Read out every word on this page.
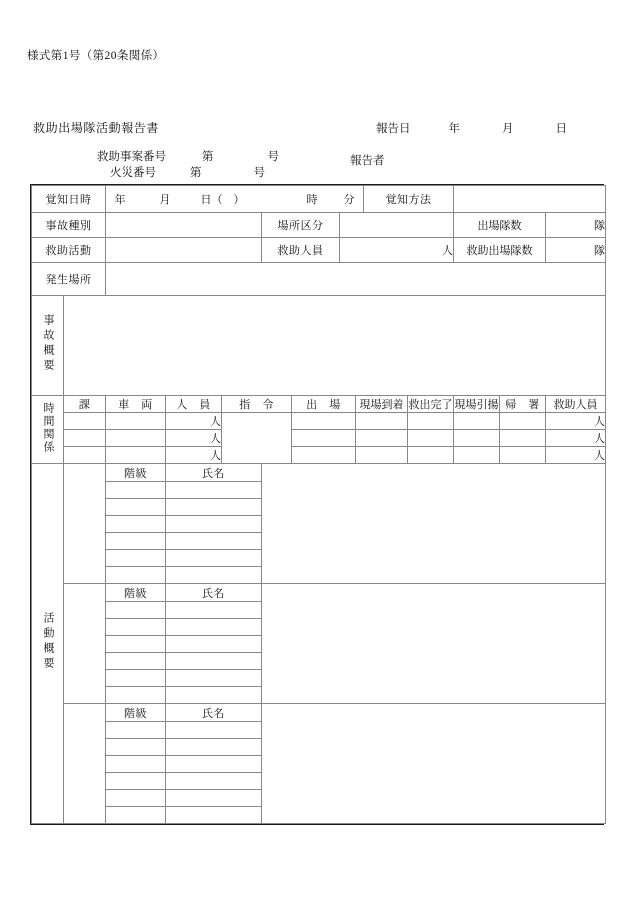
様式第1号（第20条関係）
救助出場隊活動報告書	報告日	年	月	日
救助事案番号	第	号
火災番号	第	号
報告者
覚知日時		年 月 日（　） 時 分							覚知方法				
事故種別					場所区分						出場隊数		隊
救助活動					救助人員		人				救助出場隊数		隊
発生場所													
事故概要													
時間関係	課	車　両	人　員	指　令		出　場		現場到着		救出完了	現場引揚	帰　署	救助人員
			人										人
			人										人
			人										人
活動概要		階級	氏名										

		階級	氏名										

		階級	氏名										
